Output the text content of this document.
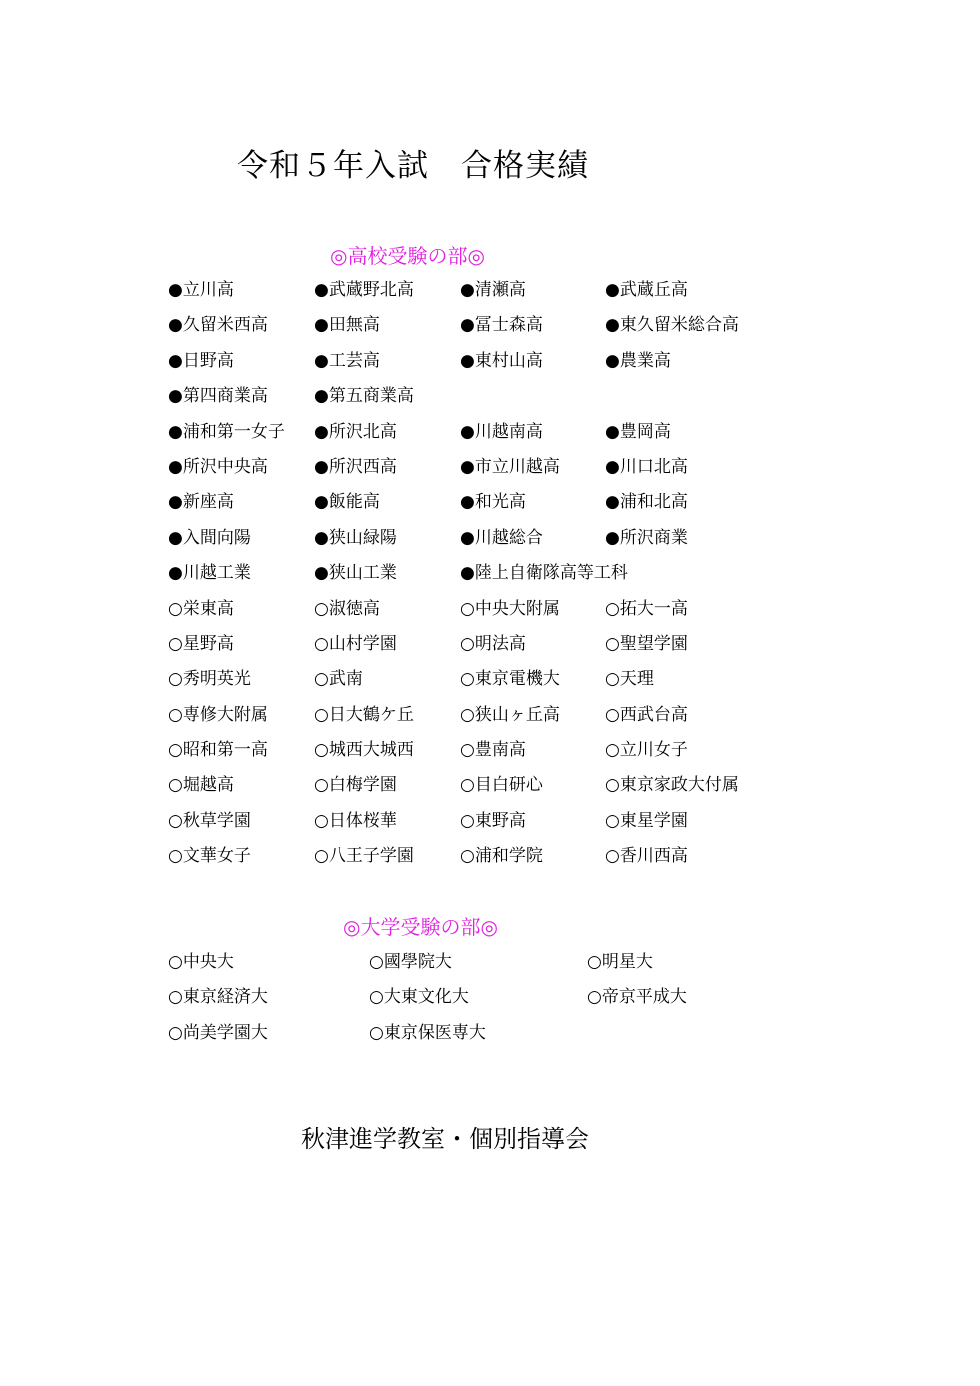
令和５年入試　合格実績
◎高校受験の部◎
●立川高	●武蔵野北高	●清瀬高	●武蔵丘高
●久留米西高	●田無高	●冨士森高	●東久留米総合高
●日野高	●工芸高	●東村山高	●農業高
●第四商業高	●第五商業高
●浦和第一女子 ●所沢北高	●川越南高	●豊岡高
●所沢中央高	●所沢西高	●市立川越高	●川口北高
●新座高	●飯能高	●和光高	●浦和北高
●入間向陽	●狭山緑陽	●川越総合	●所沢商業
●川越工業	●狭山工業	●陸上自衛隊高等工科
○栄東高	○淑徳高	○中央大附属	○拓大一高
○星野高	○山村学園	○明法高	○聖望学園
○秀明英光	○武南	○東京電機大	○天理
○専修大附属	○日大鶴ケ丘	○狭山ヶ丘高	○西武台高
○昭和第一高	○城西大城西	○豊南高	○立川女子
○堀越高	○白梅学園	○目白研心	○東京家政大付属
○秋草学園	○日体桜華	○東野高	○東星学園
○文華女子	○八王子学園	○浦和学院	○香川西高
◎大学受験の部◎
○中央大	○國學院大	○明星大
○東京経済大	○大東文化大	○帝京平成大
○尚美学園大	○東京保医専大
秋津進学教室・個別指導会
